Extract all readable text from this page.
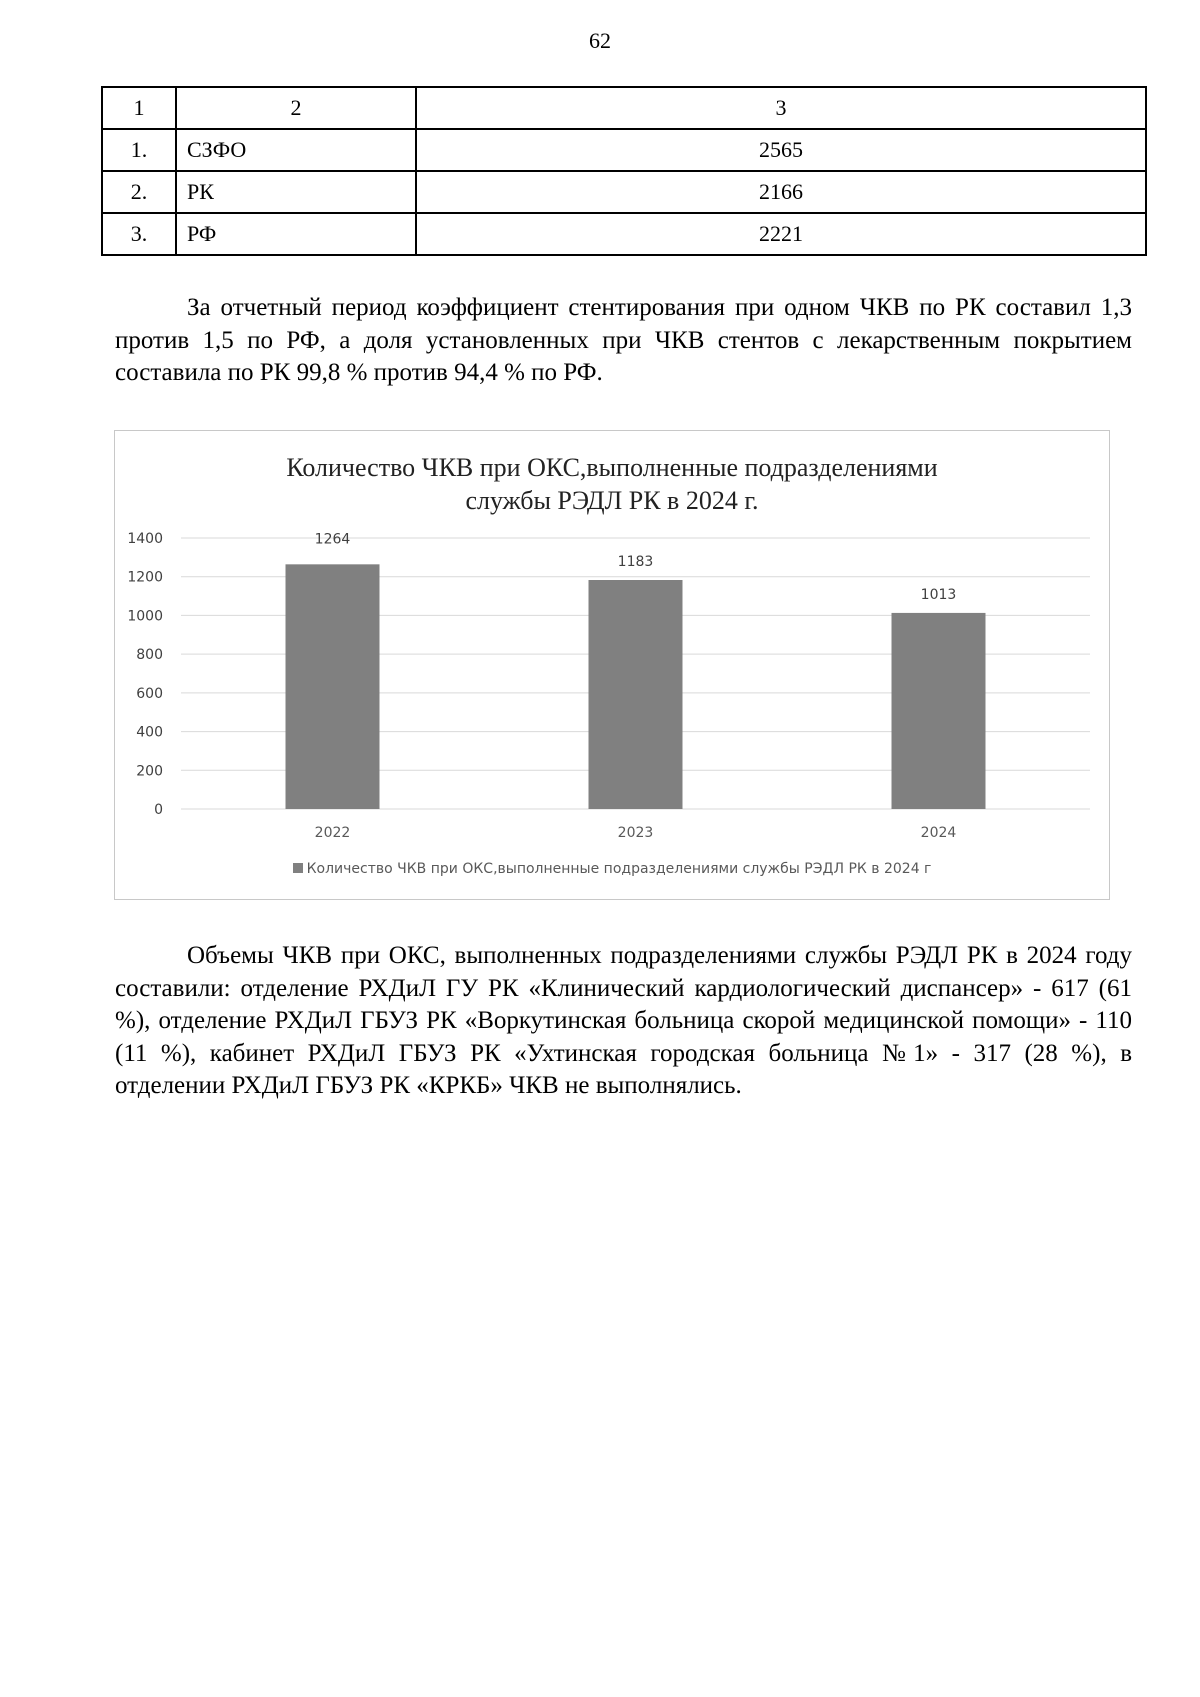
62
1	2	3
1.	СЗФО	2565
2.	РК	2166
3.	РФ	2221

За отчетный период коэффициент стентирования при одном ЧКВ по РК составил 1,3 против 1,5 по РФ, а доля установленных при ЧКВ стентов с лекарственным покрытием составила по РК 99,8 % против 94,4 % по РФ.

Количество ЧКВ при ОКС,выполненные подразделениями
службы РЭДЛ РК в 2024 г.
0
200
400
600
800
1000
1200
1400	1264
2022
1183
2023
1013
2024
Количество ЧКВ при ОКС,выполненные подразделениями службы РЭДЛ РК в 2024 г

Объемы ЧКВ при ОКС, выполненных подразделениями службы РЭДЛ РК в 2024 году составили: отделение РХДиЛ ГУ РК «Клинический кардиологический диспансер» - 617 (61 %), отделение РХДиЛ ГБУЗ РК «Воркутинская больница скорой медицинской помощи» - 110 (11 %), кабинет РХДиЛ ГБУЗ РК «Ухтинская городская больница №1» - 317 (28 %), в отделении РХДиЛ ГБУЗ РК «КРКБ» ЧКВ не выполнялись.
